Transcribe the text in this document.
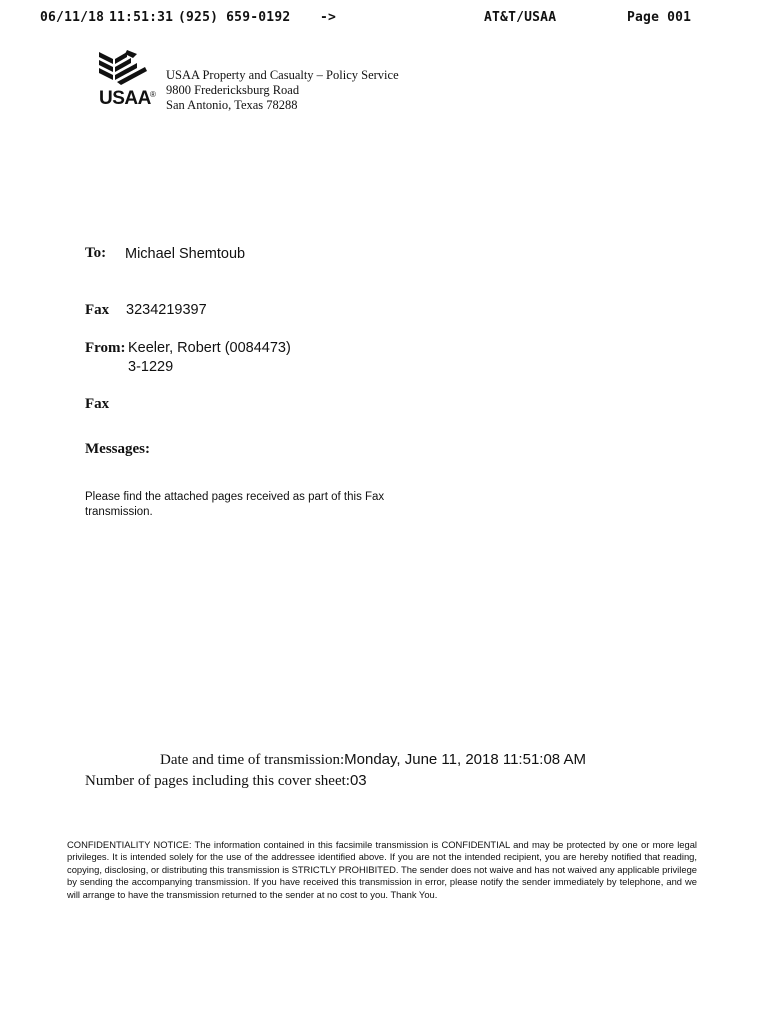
06/11/18 11:51:31 (925) 659-0192 ->	AT&T/USAA	Page 001
USAA ®
USAA Property and Casualty – Policy Service
9800 Fredericksburg Road
San Antonio, Texas 78288
To: Michael Shemtoub
Fax 3234219397
From: Keeler, Robert (0084473)
3-1229
Fax
Messages:
Please find the attached pages received as part of this Fax transmission.
Date and time of transmission:Monday, June 11, 2018 11:51:08 AM
Number of pages including this cover sheet:03
CONFIDENTIALITY NOTICE: The information contained in this facsimile transmission is CONFIDENTIAL and may be protected by one or more legal privileges. It is intended solely for the use of the addressee identified above. If you are not the intended recipient, you are hereby notified that reading, copying, disclosing, or distributing this transmission is STRICTLY PROHIBITED. The sender does not waive and has not waived any applicable privilege by sending the accompanying transmission. If you have received this transmission in error, please notify the sender immediately by telephone, and we will arrange to have the transmission returned to the sender at no cost to you. Thank You.
